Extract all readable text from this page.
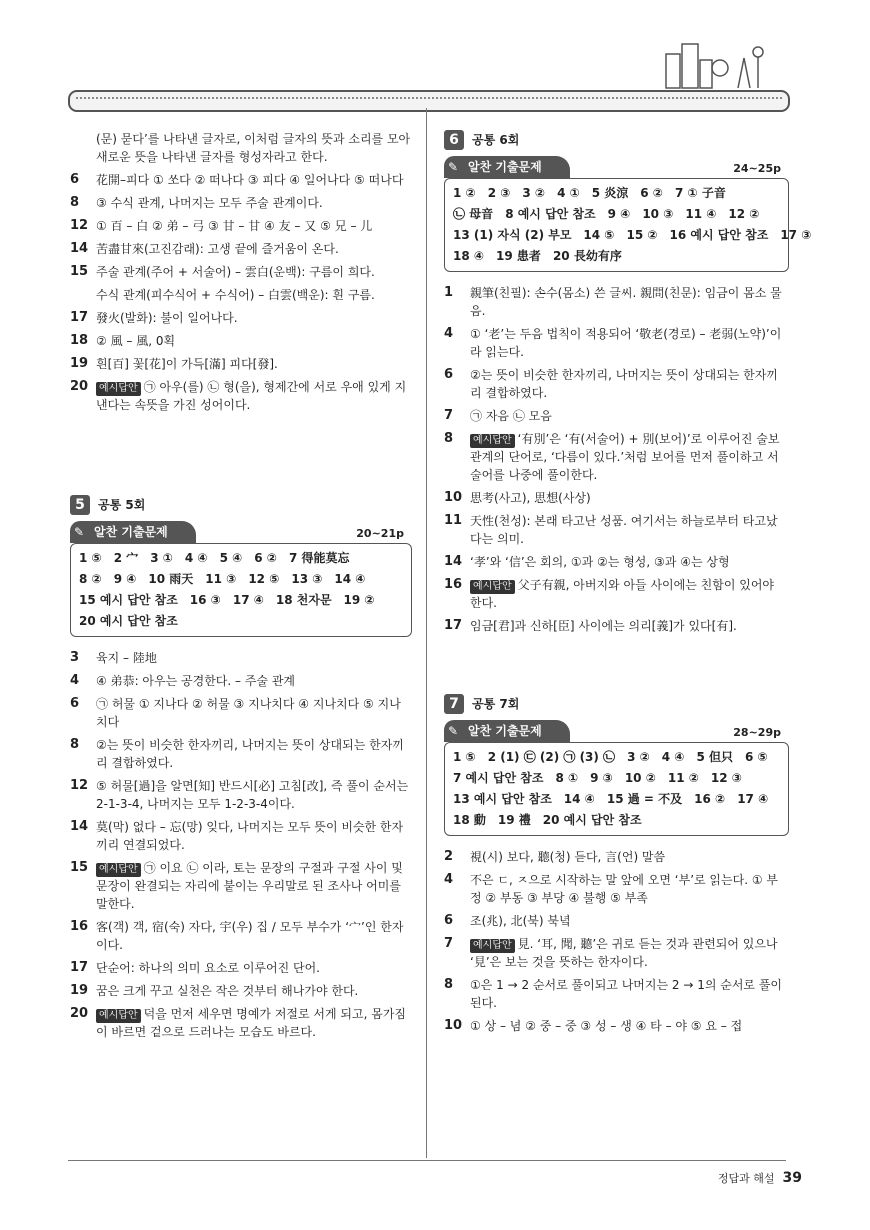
(문) 묻다’를 나타낸 글자로, 이처럼 글자의 뜻과 소리를 모아 새로운 뜻을 나타낸 글자를 형성자라고 한다.
6	花開–피다 ① 쏘다 ② 떠나다 ③ 피다 ④ 일어나다 ⑤ 떠나다
8	③ 수식 관계, 나머지는 모두 주술 관계이다.
12 ① 百 – 白 ② 弟 – 弓 ③ 甘 – 甘 ④ 友 – 又 ⑤ 兄 – 儿
14 苦盡甘來(고진감래): 고생 끝에 즐거움이 온다.
15 주술 관계(주어 + 서술어) – 雲白(운백): 구름이 희다.
수식 관계(피수식어 + 수식어) – 白雲(백운): 흰 구름.
17 發火(발화): 불이 일어나다.
18 ② 風 – 風, 0획
19 흰[百] 꽃[花]이 가득[滿] 피다[發].
20	예시답안 ㉠ 아우(를) ㉡ 형(을), 형제간에 서로 우애 있게 지낸다는 속뜻을 가진 성어이다.
5	공통 5회
✎ 알찬 기출문제	20~21p
1 ⑤ 2 宀 3 ① 4 ④ 5 ④ 6 ② 7 得能莫忘
8 ② 9 ④ 10 雨天 11 ③ 12 ⑤ 13 ③ 14 ④
15 예시 답안 참조 16 ③ 17 ④ 18 천자문 19 ②
20 예시 답안 참조
3	육지 – 陸地
4	④ 弟恭: 아우는 공경한다. – 주술 관계
6	㉠ 허물 ① 지나다 ② 허물 ③ 지나치다 ④ 지나치다 ⑤ 지나치다
8	②는 뜻이 비슷한 한자끼리, 나머지는 뜻이 상대되는 한자끼리 결합하였다.
12 ⑤ 허물[過]을 알면[知] 반드시[必] 고침[改], 즉 풀이 순서는 2-1-3-4, 나머지는 모두 1-2-3-4이다.
14 莫(막) 없다 – 忘(망) 잊다, 나머지는 모두 뜻이 비슷한 한자끼리 연결되었다.
15	예시답안 ㉠ 이요 ㉡ 이라, 토는 문장의 구절과 구절 사이 및 문장이 완결되는 자리에 붙이는 우리말로 된 조사나 어미를 말한다.
16 客(객) 객, 宿(숙) 자다, 宇(우) 집 / 모두 부수가 ‘宀’인 한자이다.
17 단순어: 하나의 의미 요소로 이루어진 단어.
19 꿈은 크게 꾸고 실천은 작은 것부터 해나가야 한다.
20	예시답안 덕을 먼저 세우면 명예가 저절로 서게 되고, 몸가짐이 바르면 겉으로 드러나는 모습도 바르다.
6	공통 6회
✎ 알찬 기출문제	24~25p
1 ② 2 ③ 3 ② 4 ① 5 炎涼 6 ② 7 ① 子音
㉡ 母音 8 예시 답안 참조 9 ④ 10 ③ 11 ④ 12 ②
13 (1) 자식 (2) 부모 14 ⑤ 15 ② 16 예시 답안 참조 17 ③
18 ④ 19 患者 20 長幼有序
1	親筆(친필): 손수(몸소) 쓴 글씨. 親問(친문): 임금이 몸소 물음.
4	① ‘老’는 두음 법칙이 적용되어 ‘敬老(경로) – 老弱(노약)’이라 읽는다.
6	②는 뜻이 비슷한 한자끼리, 나머지는 뜻이 상대되는 한자끼리 결합하였다.
7	㉠ 자음 ㉡ 모음
8	예시답안 ‘有別’은 ‘有(서술어) + 別(보어)’로 이루어진 술보 관계의 단어로, ‘다름이 있다.’처럼 보어를 먼저 풀이하고 서술어를 나중에 풀이한다.
10 思考(사고), 思想(사상)
11 天性(천성): 본래 타고난 성품. 여기서는 하늘로부터 타고났다는 의미.
14 ‘孝’와 ‘信’은 회의, ①과 ②는 형성, ③과 ④는 상형
16	예시답안 父子有親, 아버지와 아들 사이에는 친함이 있어야 한다.
17 임금[君]과 신하[臣] 사이에는 의리[義]가 있다[有].
7	공통 7회
✎ 알찬 기출문제	28~29p
1 ⑤ 2 (1) ㉢ (2) ㉠ (3) ㉡ 3 ② 4 ④ 5 但只 6 ⑤
7 예시 답안 참조 8 ① 9 ③ 10 ② 11 ② 12 ③
13 예시 답안 참조 14 ④ 15 過 = 不及 16 ② 17 ④
18 動 19 禮 20 예시 답안 참조
2	視(시) 보다, 聽(청) 듣다, 言(언) 말씀
4	不은 ㄷ, ㅈ으로 시작하는 말 앞에 오면 ‘부’로 읽는다. ① 부정 ② 부동 ③ 부당 ④ 불행 ⑤ 부족
6	조(兆), 北(북) 북녘
7	예시답안 見. ‘耳, 聞, 聽’은 귀로 듣는 것과 관련되어 있으나 ‘見’은 보는 것을 뜻하는 한자이다.
8	①은 1 → 2 순서로 풀이되고 나머지는 2 → 1의 순서로 풀이된다.
10 ① 상 – 념 ② 중 – 중 ③ 성 – 생 ④ 타 – 야 ⑤ 요 – 접
정답과 해설 39
